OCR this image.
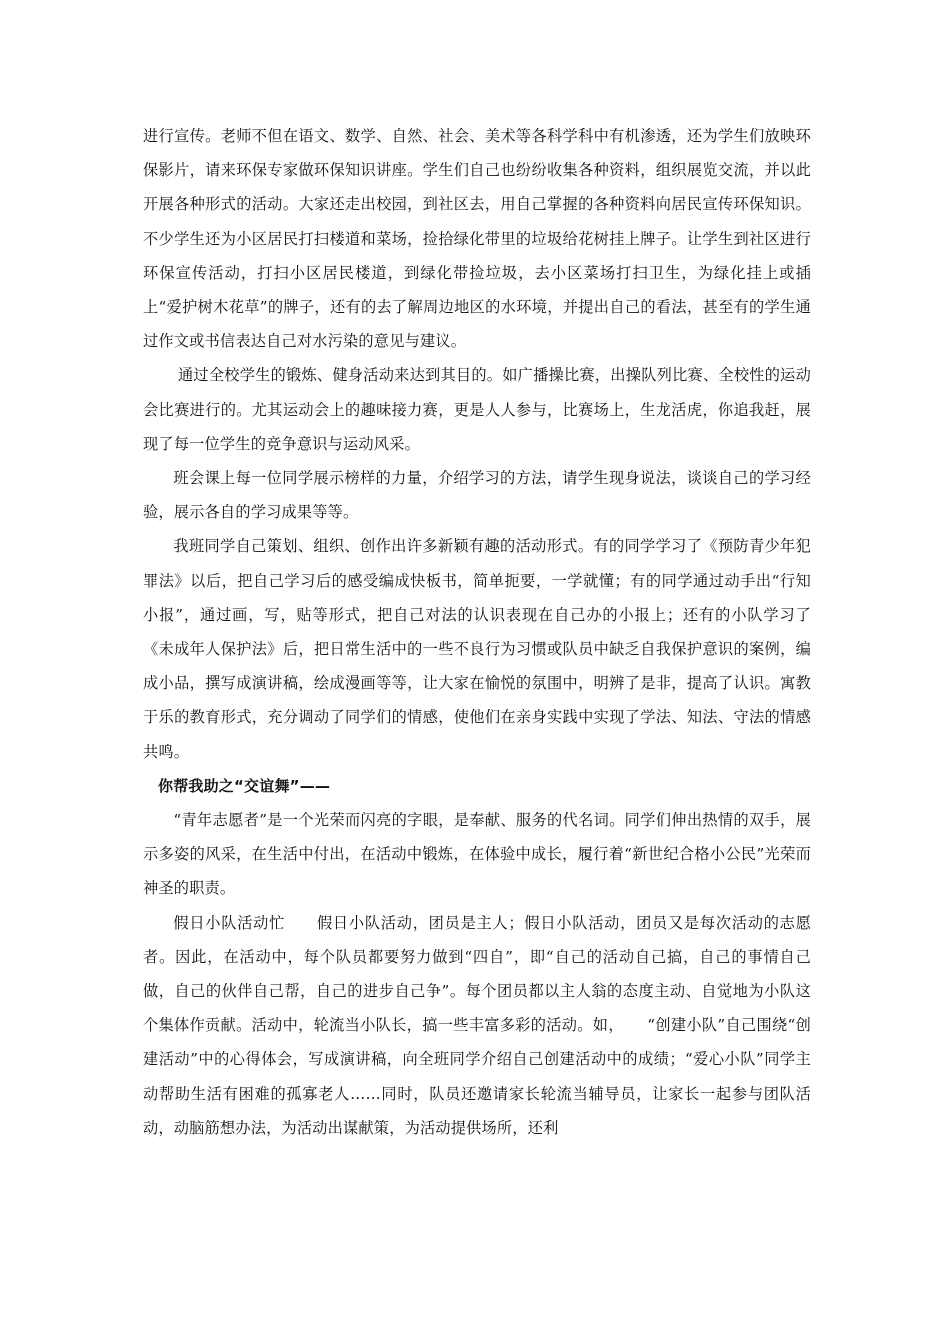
进行宣传。老师不但在语文、数学、自然、社会、美术等各科学科中有机渗透，还为学生们放映环保影片，请来环保专家做环保知识讲座。学生们自己也纷纷收集各种资料，组织展览交流，并以此开展各种形式的活动。大家还走出校园，到社区去，用自己掌握的各种资料向居民宣传环保知识。不少学生还为小区居民打扫楼道和菜场，捡拾绿化带里的垃圾给花树挂上牌子。让学生到社区进行环保宣传活动，打扫小区居民楼道，到绿化带捡垃圾，去小区菜场打扫卫生，为绿化挂上或插上“爱护树木花草”的牌子，还有的去了解周边地区的水环境，并提出自己的看法，甚至有的学生通过作文或书信表达自己对水污染的意见与建议。

通过全校学生的锻炼、健身活动来达到其目的。如广播操比赛，出操队列比赛、全校性的运动会比赛进行的。尤其运动会上的趣味接力赛，更是人人参与，比赛场上，生龙活虎，你追我赶，展现了每一位学生的竞争意识与运动风采。

班会课上每一位同学展示榜样的力量，介绍学习的方法，请学生现身说法，谈谈自己的学习经验，展示各自的学习成果等等。

我班同学自己策划、组织、创作出许多新颖有趣的活动形式。有的同学学习了《预防青少年犯罪法》以后，把自己学习后的感受编成快板书，简单扼要，一学就懂；有的同学通过动手出“行知小报”，通过画，写，贴等形式，把自己对法的认识表现在自己办的小报上；还有的小队学习了《未成年人保护法》后，把日常生活中的一些不良行为习惯或队员中缺乏自我保护意识的案例，编成小品，撰写成演讲稿，绘成漫画等等，让大家在愉悦的氛围中，明辨了是非，提高了认识。寓教于乐的教育形式，充分调动了同学们的情感，使他们在亲身实践中实现了学法、知法、守法的情感共鸣。

你帮我助之“交谊舞”——

“青年志愿者”是一个光荣而闪亮的字眼，是奉献、服务的代名词。同学们伸出热情的双手，展示多姿的风采，在生活中付出，在活动中锻炼，在体验中成长，履行着“新世纪合格小公民”光荣而神圣的职责。

假日小队活动忙　　假日小队活动，团员是主人；假日小队活动，团员又是每次活动的志愿者。因此，在活动中，每个队员都要努力做到“四自”，即“自己的活动自己搞，自己的事情自己做，自己的伙伴自己帮，自己的进步自己争”。每个团员都以主人翁的态度主动、自觉地为小队这个集体作贡献。活动中，轮流当小队长，搞一些丰富多彩的活动。如，　　“创建小队”自己围绕“创建活动”中的心得体会，写成演讲稿，向全班同学介绍自己创建活动中的成绩；“爱心小队”同学主动帮助生活有困难的孤寡老人……同时，队员还邀请家长轮流当辅导员，让家长一起参与团队活动，动脑筋想办法，为活动出谋献策，为活动提供场所，还利
